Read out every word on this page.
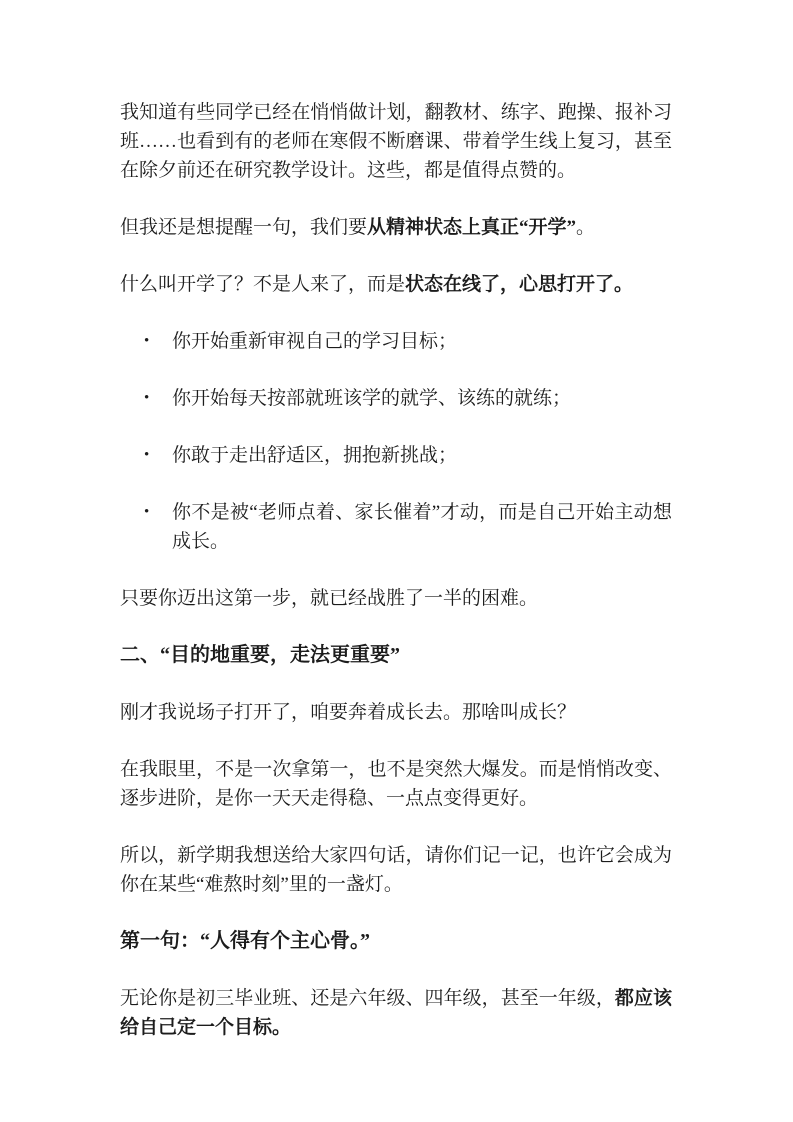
我知道有些同学已经在悄悄做计划，翻教材、练字、跑操、报补习班……也看到有的老师在寒假不断磨课、带着学生线上复习，甚至在除夕前还在研究教学设计。这些，都是值得点赞的。

但我还是想提醒一句，我们要从精神状态上真正“开学”。

什么叫开学了？不是人来了，而是状态在线了，心思打开了。

• 你开始重新审视自己的学习目标；
• 你开始每天按部就班该学的就学、该练的就练；
• 你敢于走出舒适区，拥抱新挑战；
• 你不是被“老师点着、家长催着”才动，而是自己开始主动想成长。

只要你迈出这第一步，就已经战胜了一半的困难。

二、“目的地重要，走法更重要”

刚才我说场子打开了，咱要奔着成长去。那啥叫成长？

在我眼里，不是一次拿第一，也不是突然大爆发。而是悄悄改变、逐步进阶，是你一天天走得稳、一点点变得更好。

所以，新学期我想送给大家四句话，请你们记一记，也许它会成为你在某些“难熬时刻”里的一盏灯。

第一句：“人得有个主心骨。”

无论你是初三毕业班、还是六年级、四年级，甚至一年级，都应该给自己定一个目标。
